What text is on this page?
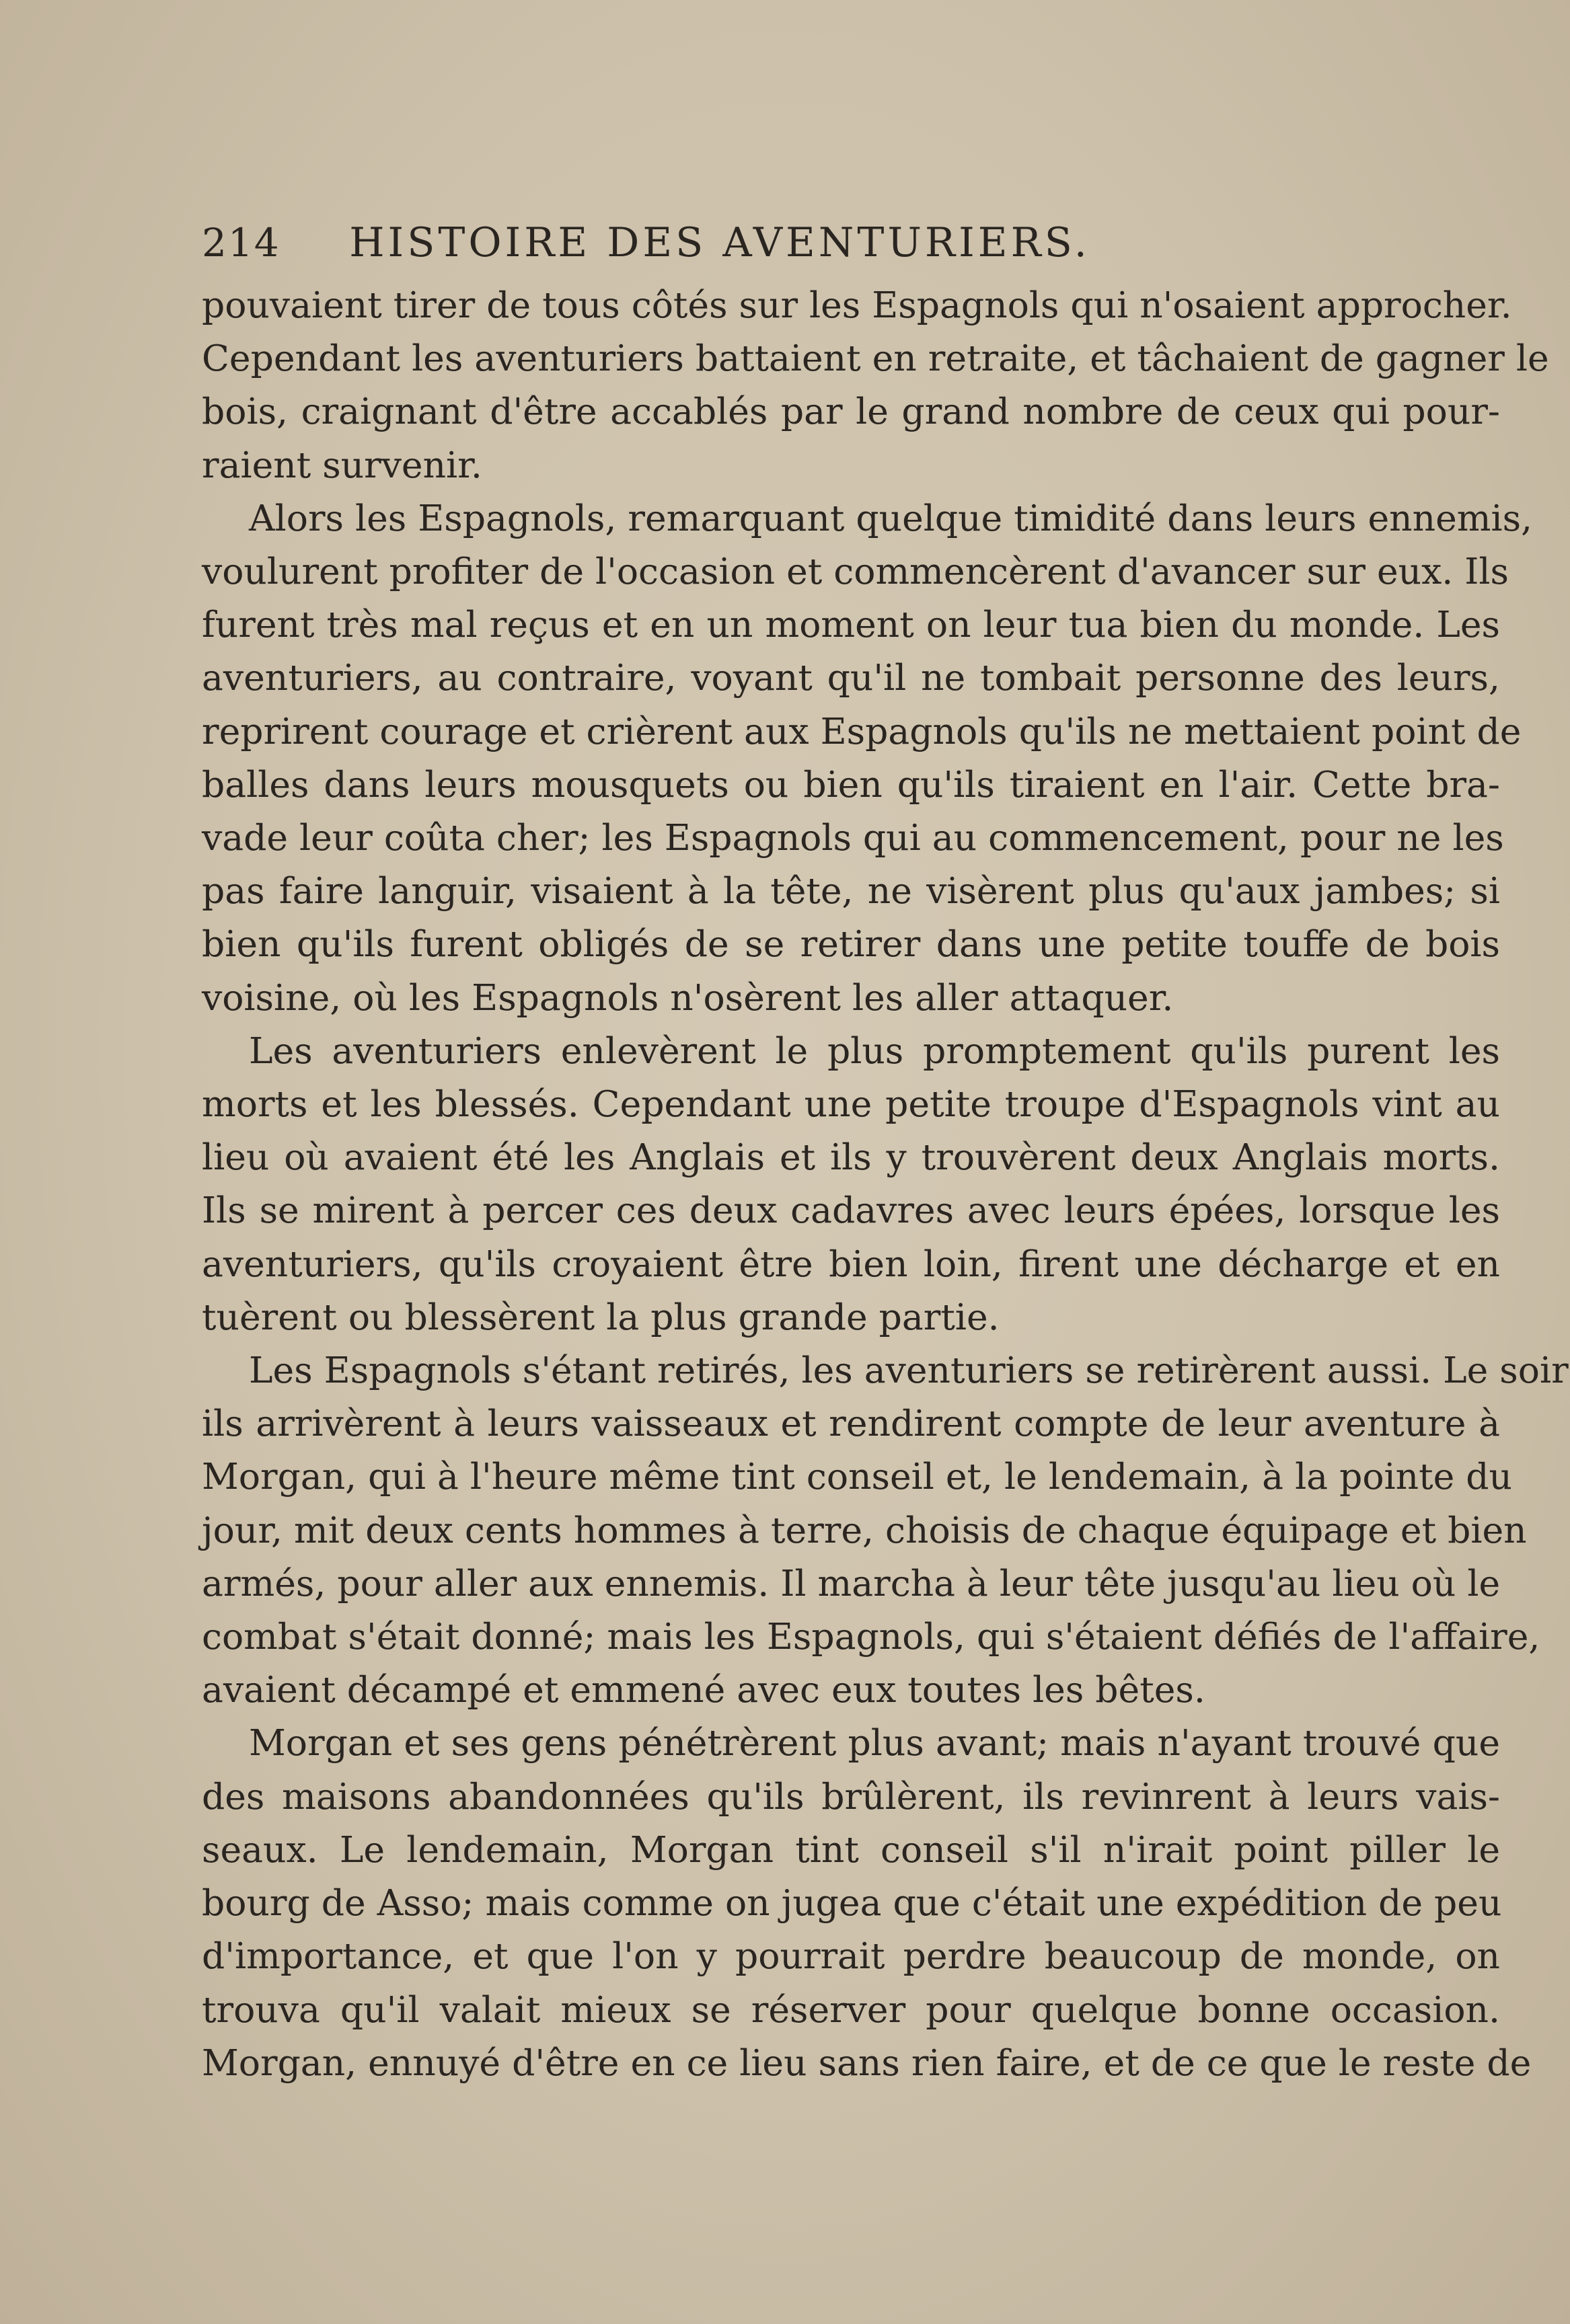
214	HISTOIRE DES AVENTURIERS.

pouvaient tirer de tous côtés sur les Espagnols qui n'osaient approcher.
Cependant les aventuriers battaient en retraite, et tâchaient de gagner le
bois, craignant d'être accablés par le grand nombre de ceux qui pour-
raient survenir.

Alors les Espagnols, remarquant quelque timidité dans leurs ennemis,
voulurent profiter de l'occasion et commencèrent d'avancer sur eux. Ils
furent très mal reçus et en un moment on leur tua bien du monde. Les
aventuriers, au contraire, voyant qu'il ne tombait personne des leurs,
reprirent courage et crièrent aux Espagnols qu'ils ne mettaient point de
balles dans leurs mousquets ou bien qu'ils tiraient en l'air. Cette bra-
vade leur coûta cher; les Espagnols qui au commencement, pour ne les
pas faire languir, visaient à la tête, ne visèrent plus qu'aux jambes; si
bien qu'ils furent obligés de se retirer dans une petite touffe de bois
voisine, où les Espagnols n'osèrent les aller attaquer.

Les aventuriers enlevèrent le plus promptement qu'ils purent les
morts et les blessés. Cependant une petite troupe d'Espagnols vint au
lieu où avaient été les Anglais et ils y trouvèrent deux Anglais morts.
Ils se mirent à percer ces deux cadavres avec leurs épées, lorsque les
aventuriers, qu'ils croyaient être bien loin, firent une décharge et en
tuèrent ou blessèrent la plus grande partie.

Les Espagnols s'étant retirés, les aventuriers se retirèrent aussi. Le soir
ils arrivèrent à leurs vaisseaux et rendirent compte de leur aventure à
Morgan, qui à l'heure même tint conseil et, le lendemain, à la pointe du
jour, mit deux cents hommes à terre, choisis de chaque équipage et bien
armés, pour aller aux ennemis. Il marcha à leur tête jusqu'au lieu où le
combat s'était donné; mais les Espagnols, qui s'étaient défiés de l'affaire,
avaient décampé et emmené avec eux toutes les bêtes.

Morgan et ses gens pénétrèrent plus avant; mais n'ayant trouvé que
des maisons abandonnées qu'ils brûlèrent, ils revinrent à leurs vais-
seaux. Le lendemain, Morgan tint conseil s'il n'irait point piller le
bourg de Asso; mais comme on jugea que c'était une expédition de peu
d'importance, et que l'on y pourrait perdre beaucoup de monde, on
trouva qu'il valait mieux se réserver pour quelque bonne occasion.
Morgan, ennuyé d'être en ce lieu sans rien faire, et de ce que le reste de
